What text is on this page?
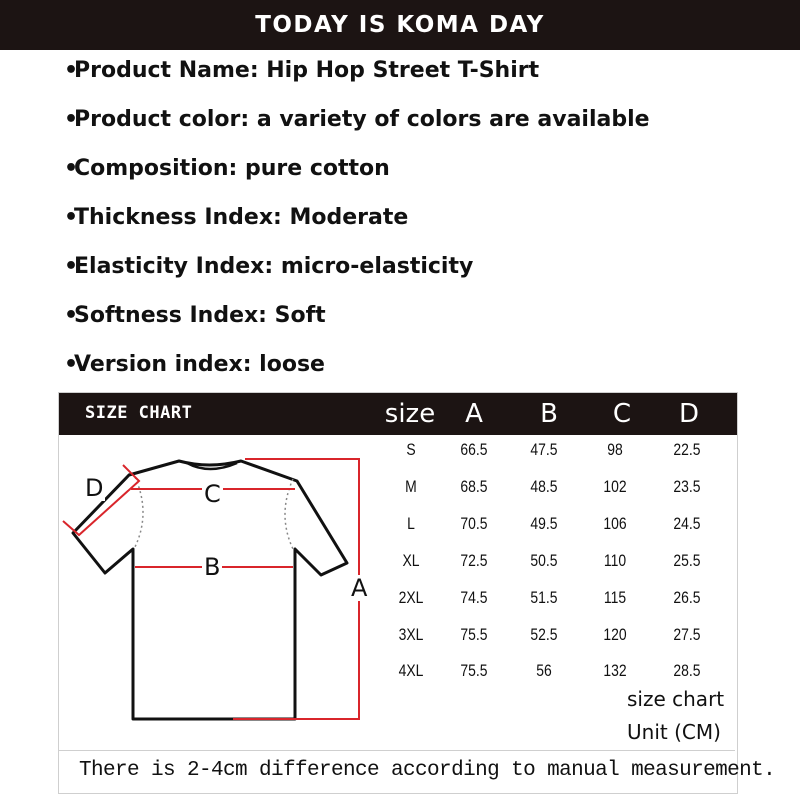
TODAY IS KOMA DAY
•Product Name: Hip Hop Street T-Shirt
•Product color: a variety of colors are available
•Composition: pure cotton
•Thickness Index: Moderate
•Elasticity Index: micro-elasticity
•Softness Index: Soft
•Version index: loose
SIZE CHART	size	A	B	C	D
A
B
C
D
S	66.5	47.5	98	22.5
M	68.5	48.5	102	23.5
L	70.5	49.5	106	24.5
XL	72.5	50.5	110	25.5
2XL	74.5	51.5	115	26.5
3XL	75.5	52.5	120	27.5
4XL	75.5	56	132	28.5
size chart
Unit (CM)
There is 2-4cm difference according to manual measurement.
